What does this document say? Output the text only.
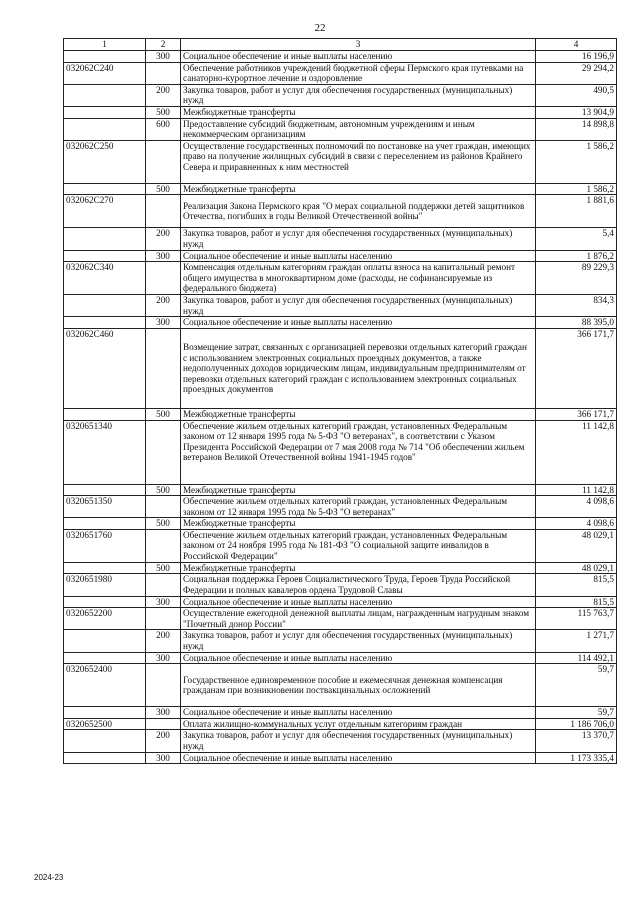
22
1	2	3	4
	300	Социальное обеспечение и иные выплаты населению	16 196,9
032062С240		Обеспечение работников учреждений бюджетной сферы Пермского края путевками на санаторно-курортное лечение и оздоровление	29 294,2
	200	Закупка товаров, работ и услуг для обеспечения государственных (муниципальных) нужд	490,5
	500	Межбюджетные трансферты	13 904,9
	600	Предоставление субсидий бюджетным, автономным учреждениям и иным некоммерческим организациям	14 898,8
032062С250		Осуществление государственных полномочий по постановке на учет граждан, имеющих право на получение жилищных субсидий в связи с переселением из районов Крайнего Севера и приравненных к ним местностей	1 586,2
	500	Межбюджетные трансферты	1 586,2
032062С270		Реализация Закона Пермского края "О мерах социальной поддержки детей защитников Отечества, погибших в годы Великой Отечественной войны"	1 881,6
	200	Закупка товаров, работ и услуг для обеспечения государственных (муниципальных) нужд	5,4
	300	Социальное обеспечение и иные выплаты населению	1 876,2
032062С340		Компенсация отдельным категориям граждан оплаты взноса на капитальный ремонт общего имущества в многоквартирном доме (расходы, не софинансируемые из федерального бюджета)	89 229,3
	200	Закупка товаров, работ и услуг для обеспечения государственных (муниципальных) нужд	834,3
	300	Социальное обеспечение и иные выплаты населению	88 395,0
032062С460		Возмещение затрат, связанных с организацией перевозки отдельных категорий граждан с использованием электронных социальных проездных документов, а также недополученных доходов юридическим лицам, индивидуальным предпринимателям от перевозки отдельных категорий граждан с использованием электронных социальных проездных документов	366 171,7
	500	Межбюджетные трансферты	366 171,7
0320651340		Обеспечение жильем отдельных категорий граждан, установленных Федеральным законом от 12 января 1995 года № 5-ФЗ "О ветеранах", в соответствии с Указом Президента Российской Федерации от 7 мая 2008 года № 714 "Об обеспечении жильем ветеранов Великой Отечественной войны 1941-1945 годов"	11 142,8
	500	Межбюджетные трансферты	11 142,8
0320651350		Обеспечение жильем отдельных категорий граждан, установленных Федеральным законом от 12 января 1995 года № 5-ФЗ "О ветеранах"	4 098,6
	500	Межбюджетные трансферты	4 098,6
0320651760		Обеспечение жильем отдельных категорий граждан, установленных Федеральным законом от 24 ноября 1995 года № 181-ФЗ "О социальной защите инвалидов в Российской Федерации"	48 029,1
	500	Межбюджетные трансферты	48 029,1
0320651980		Социальная поддержка Героев Социалистического Труда, Героев Труда Российской Федерации и полных кавалеров ордена Трудовой Славы	815,5
	300	Социальное обеспечение и иные выплаты населению	815,5
0320652200		Осуществление ежегодной денежной выплаты лицам, награжденным нагрудным знаком "Почетный донор России"	115 763,7
	200	Закупка товаров, работ и услуг для обеспечения государственных (муниципальных) нужд	1 271,7
	300	Социальное обеспечение и иные выплаты населению	114 492,1
0320652400		Государственное единовременное пособие и ежемесячная денежная компенсация гражданам при возникновении поствакцинальных осложнений	59,7
	300	Социальное обеспечение и иные выплаты населению	59,7
0320652500		Оплата жилищно-коммунальных услуг отдельным категориям граждан	1 186 706,0
	200	Закупка товаров, работ и услуг для обеспечения государственных (муниципальных) нужд	13 370,7
	300	Социальное обеспечение и иные выплаты населению	1 173 335,4
2024-23
